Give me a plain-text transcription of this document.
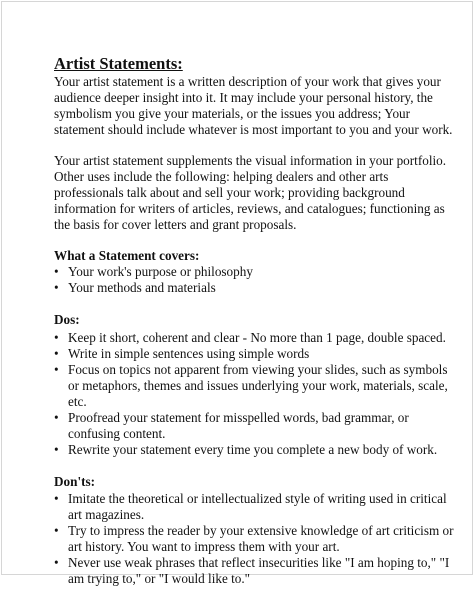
Artist Statements:

Your artist statement is a written description of your work that gives your audience deeper insight into it. It may include your personal history, the symbolism you give your materials, or the issues you address; Your statement should include whatever is most important to you and your work.

Your artist statement supplements the visual information in your portfolio. Other uses include the following: helping dealers and other arts professionals talk about and sell your work; providing background information for writers of articles, reviews, and catalogues; functioning as the basis for cover letters and grant proposals.

What a Statement covers:
• Your work's purpose or philosophy
• Your methods and materials
Dos:
• Keep it short, coherent and clear - No more than 1 page, double spaced.
• Write in simple sentences using simple words
• Focus on topics not apparent from viewing your slides, such as symbols or metaphors, themes and issues underlying your work, materials, scale, etc.
• Proofread your statement for misspelled words, bad grammar, or confusing content.
• Rewrite your statement every time you complete a new body of work.
Don'ts:
• Imitate the theoretical or intellectualized style of writing used in critical art magazines.
• Try to impress the reader by your extensive knowledge of art criticism or art history. You want to impress them with your art.
• Never use weak phrases that reflect insecurities like "I am hoping to," "I am trying to," or "I would like to."
